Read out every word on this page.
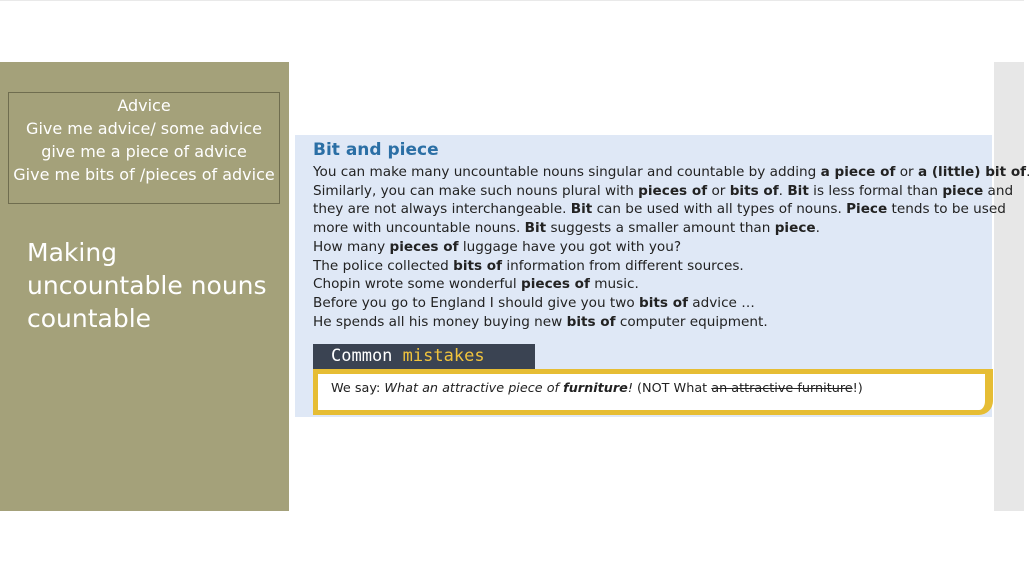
Advice
Give me advice/ some advice
give me a piece of advice
Give me bits of /pieces of advice
Making
uncountable nouns
countable
Bit and piece
You can make many uncountable nouns singular and countable by adding a piece of or a (little) bit of.
Similarly, you can make such nouns plural with pieces of or bits of. Bit is less formal than piece and
they are not always interchangeable. Bit can be used with all types of nouns. Piece tends to be used
more with uncountable nouns. Bit suggests a smaller amount than piece.
How many pieces of luggage have you got with you?
The police collected bits of information from different sources.
Chopin wrote some wonderful pieces of music.
Before you go to England I should give you two bits of advice …
He spends all his money buying new bits of computer equipment.
Common mistakes
We say: What an attractive piece of furniture! (NOT What an attractive furniture!)
